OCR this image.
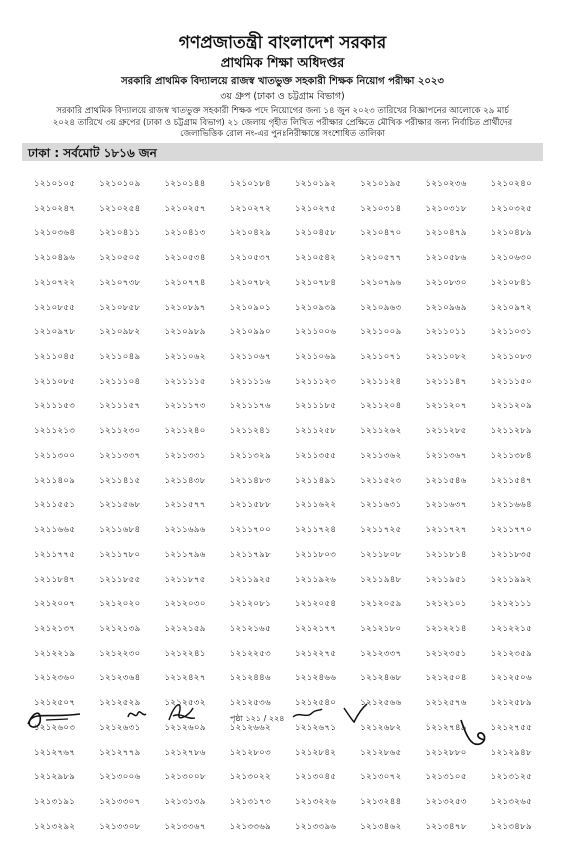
গণপ্রজাতন্ত্রী বাংলাদেশ সরকার
প্রাথমিক শিক্ষা অধিদপ্তর
সরকারি প্রাথমিক বিদ্যালয়ে রাজস্ব খাতভুক্ত সহকারী শিক্ষক নিয়োগ পরীক্ষা ২০২৩
৩য় গ্রুপ (ঢাকা ও চট্টগ্রাম বিভাগ)
সরকারি প্রাথমিক বিদ্যালয়ে রাজস্ব খাতভুক্ত সহকারী শিক্ষক পদে নিয়োগের জন্য ১৪ জুন ২০২৩ তারিখের বিজ্ঞাপনের আলোকে ২৯ মার্চ
২০২৪ তারিখে ৩য় গ্রুপের (ঢাকা ও চট্টগ্রাম বিভাগ) ২১ জেলায় গৃহীত লিখিত পরীক্ষার প্রেক্ষিতে মৌখিক পরীক্ষার জন্য নির্বাচিত প্রার্থীদের
জেলাভিত্তিক রোল নং-এর পুনঃনিরীক্ষান্তে সংশোধিত তালিকা
ঢাকা : সর্বমোট ১৮১৬ জন
১২১০১০৫	১২১০১০৯	১২১০১৪৪	১২১০১৮৪	১২১০১৯২	১২১০১৯৫	১২১০২৩৬	১২১০২৪০
১২১০২৪৭	১২১০২৫৪	১২১০২৫৭	১২১০২৭২	১২১০২৭৫	১২১০৩১৪	১২১০৩১৮	১২১০৩২৫
১২১০৩৬৪	১২১০৪১১	১২১০৪১৩	১২১০৪২৯	১২১০৪৫৮	১২১০৪৭০	১২১০৪৭৯	১২১০৪৮৯
১২১০৪৯৬	১২১০৫০৫	১২১০৫৩৪	১২১০৫৩৭	১২১০৫৪২	১২১০৫৭৭	১২১০৫৮৬	১২১০৬৩০
১২১০৭২২	১২১০৭৩৮	১২১০৭৭৪	১২১০৭৮২	১২১০৭৮৪	১২১০৭৯৬	১২১০৮৩০	১২১০৮৪১
১২১০৮৫৫	১২১০৮৫৮	১২১০৮৯৭	১২১০৯০১	১২১০৯৩৯	১২১০৯৬৩	১২১০৯৬৯	১২১০৯৭২
১২১০৯৭৮	১২১০৯৮২	১২১০৯৮৯	১২১০৯৯০	১২১১০০৬	১২১১০০৯	১২১১০১১	১২১১০৩১
১২১১০৪৫	১২১১০৪৯	১২১১০৬২	১২১১০৬৭	১২১১০৬৯	১২১১০৭১	১২১১০৮২	১২১১০৮৩
১২১১০৮৫	১২১১১০৪	১২১১১১৫	১২১১১১৬	১২১১১২৩	১২১১১২৪	১২১১১৪৭	১২১১১৫০
১২১১১৫৩	১২১১১৫৭	১২১১১৭৩	১২১১১৭৬	১২১১১৮৫	১২১১২০৪	১২১১২০৭	১২১১২০৯
১২১১২১৩	১২১১২৩০	১২১১২৪০	১২১১২৪১	১২১১২৫৮	১২১১২৬২	১২১১২৮৫	১২১১২৮৯
১২১১৩০০	১২১১৩৩৭	১২১১৩৩১	১২১১৩২৯	১২১১৩৫৫	১২১১৩৬২	১২১১৩৬৭	১২১১৩৮৪
১২১১৪০৯	১২১১৪১৫	১২১১৪৩৮	১২১১৪৮৩	১২১১৪৯১	১২১১৫২৩	১২১১৫৪৬	১২১১৫৪৭
১২১১৫৫১	১২১১৫৬৮	১২১১৫৭৭	১২১১৫৮৮	১২১১৬২২	১২১১৬৩১	১২১১৬৩৭	১২১১৬৬৪
১২১১৬৬৫	১২১১৬৮৪	১২১১৬৯৬	১২১১৭০০	১২১১৭২৪	১২১১৭২৫	১২১১৭২৭	১২১১৭৭০
১২১১৭৭৫	১২১১৭৮০	১২১১৭৯৬	১২১১৭৯৮	১২১১৮০৩	১২১১৮০৮	১২১১৮১৪	১২১১৮৩৫
১২১১৮৪৭	১২১১৮৫৫	১২১১৮৭৫	১২১১৯২৫	১২১১৯২৬	১২১১৯৪৮	১২১১৯৫১	১২১১৯৯২
১২১২০০৭	১২১২০২০	১২১২০৩০	১২১২০৮১	১২১২০৫৪	১২১২০৫৯	১২১২১০১	১২১২১১১
১২১২১৩৭	১২১২১৩৯	১২১২১৫৯	১২১২১৬৫	১২১২১৭৭	১২১২১৮০	১২১২২১৪	১২১২২১৫
১২১২২১৯	১২১২২৩০	১২১২২৪১	১২১২২৫৩	১২১২২৭৫	১২১২৩৩৭	১২১২৩৫১	১২১২৩৫৯
১২১২৩৬০	১২১২৩৬৪	১২১২৪২৭	১২১২৪৪৬	১২১২৪৬৬	১২১২৪৬৮	১২১২৫০৪	১২১২৫০৬
১২১২৫০৭	১২১২৫২৯	১২১২৫৩২	১২১২৫৩৬	১২১২৫৪০	১২১২৫৬৬	১২১২৫৭৬	১২১২৫৮৯
১২১২৬০৩	১২১২৬৩১	১২১২৬০৯	১২১২৬৬২	১২১২৬৭১	১২১২৬৮২	১২১২৭৪৯	১২১২৭৫৫
১২১২৭৬৭	১২১২৭৭৯	১২১২৭৮৬	১২১২৮০৩	১২১২৮৪২	১২১২৮৬৫	১২১২৮৮০	১২১২৯৪৮
১২১২৯৮৯	১২১৩০০৬	১২১৩০০৮	১২১৩০২২	১২১৩০৪৫	১২১৩০৭২	১২১৩১০৫	১২১৩১২৫
১২১৩১৯১	১২১৩৩০৭	১২১৩১৩৯	১২১৩১৭৩	১২১৩২২৬	১২১৩২৪৪	১২১৩২৫৩	১২১৩২৬৫
১২১৩২৯২	১২১৩৩০৮	১২১৩৩৬৭	১২১৩৩৬৯	১২১৩৩৯৬	১২১৩৪৬২	১২১৩৪৭৮	১২১৩৪৮৯
পৃষ্ঠা ১২১ / ২২৪
